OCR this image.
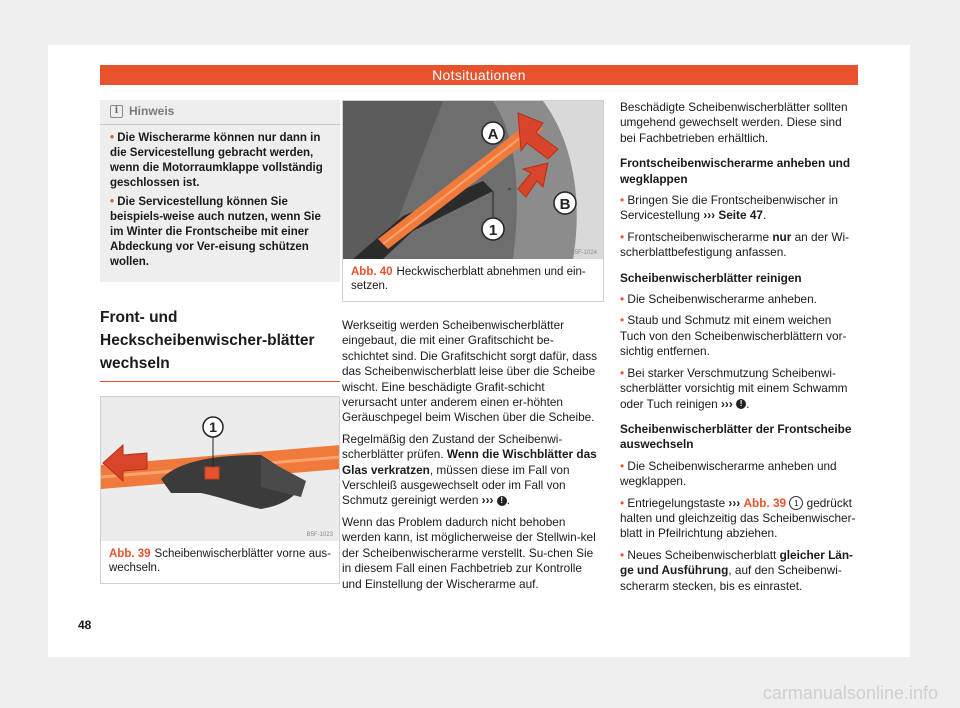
Notsituationen
i Hinweis

• Die Wischerarme können nur dann in die Servicestellung gebracht werden, wenn die Motorraumklappe vollständig geschlossen ist.

• Die Servicestellung können Sie beispiels-weise auch nutzen, wenn Sie im Winter die Frontscheibe mit einer Abdeckung vor Ver-eisung schützen wollen.

Front- und Heckscheibenwischer-blätter wechseln
1
B5F-1023
Abb. 39 Scheibenwischerblätter vorne aus-wechseln.
A
B
1
B5F-1024
Abb. 40 Heckwischerblatt abnehmen und ein-setzen.

Werkseitig werden Scheibenwischerblätter eingebaut, die mit einer Grafitschicht be-schichtet sind. Die Grafitschicht sorgt dafür, dass das Scheibenwischerblatt leise über die Scheibe wischt. Eine beschädigte Grafit-schicht verursacht unter anderem einen er-höhten Geräuschpegel beim Wischen über die Scheibe.

Regelmäßig den Zustand der Scheibenwi-scherblätter prüfen. Wenn die Wischblätter das Glas verkratzen, müssen diese im Fall von Verschleiß ausgewechselt oder im Fall von Schmutz gereinigt werden ››› ! .

Wenn das Problem dadurch nicht behoben werden kann, ist möglicherweise der Stellwin-kel der Scheibenwischerarme verstellt. Su-chen Sie in diesem Fall einen Fachbetrieb zur Kontrolle und Einstellung der Wischerarme auf.

Beschädigte Scheibenwischerblätter sollten umgehend gewechselt werden. Diese sind bei Fachbetrieben erhältlich.

Frontscheibenwischerarme anheben und wegklappen

• Bringen Sie die Frontscheibenwischer in Servicestellung ››› Seite 47.

• Frontscheibenwischerarme nur an der Wi-scherblattbefestigung anfassen.

Scheibenwischerblätter reinigen

• Die Scheibenwischerarme anheben.

• Staub und Schmutz mit einem weichen Tuch von den Scheibenwischerblättern vor-sichtig entfernen.

• Bei starker Verschmutzung Scheibenwi-scherblätter vorsichtig mit einem Schwamm oder Tuch reinigen ››› ! .

Scheibenwischerblätter der Frontscheibe auswechseln

• Die Scheibenwischerarme anheben und wegklappen.

• Entriegelungstaste ››› Abb. 39 1 gedrückt halten und gleichzeitig das Scheibenwischer-blatt in Pfeilrichtung abziehen.

• Neues Scheibenwischerblatt gleicher Län-ge und Ausführung, auf den Scheibenwi-scherarm stecken, bis es einrastet.

48
carmanualsonline.info
